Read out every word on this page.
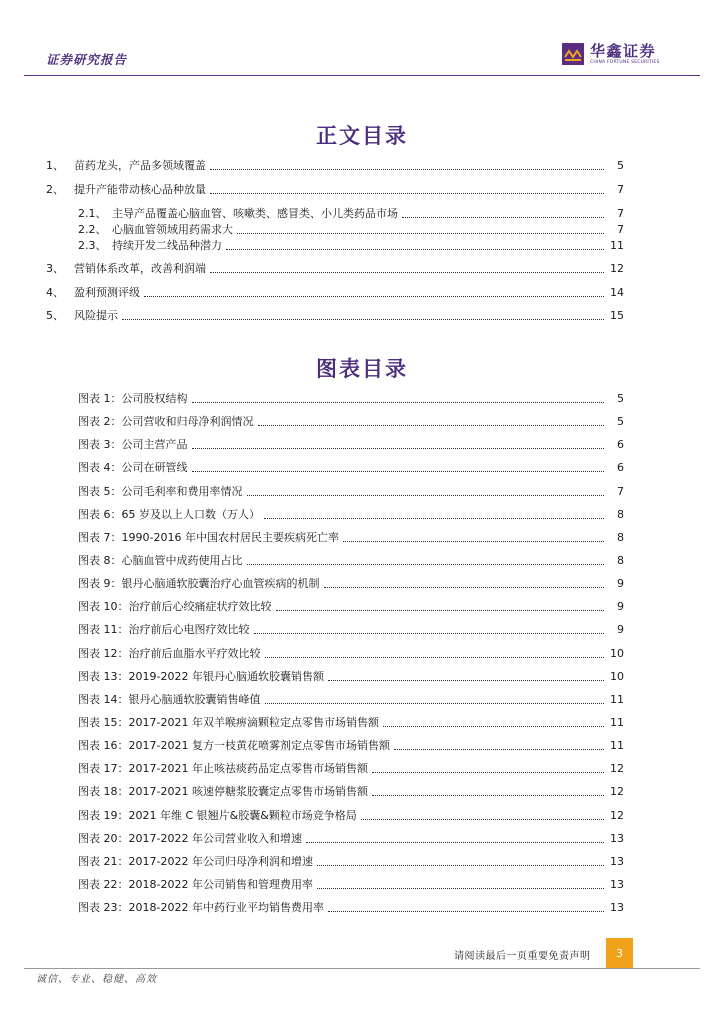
证券研究报告	华鑫证券
CHINA FORTUNE SECURITIES
正文目录
1、 苗药龙头，产品多领域覆盖	5
2、 提升产能带动核心品种放量	7
2.1、 主导产品覆盖心脑血管、咳嗽类、感冒类、小儿类药品市场	7
2.2、 心脑血管领域用药需求大	7
2.3、 持续开发二线品种潜力	11
3、 营销体系改革，改善利润端	12
4、 盈利预测评级	14
5、 风险提示	15
图表目录
图表 1：公司股权结构	5
图表 2：公司营收和归母净利润情况	5
图表 3：公司主营产品	6
图表 4：公司在研管线	6
图表 5：公司毛利率和费用率情况	7
图表 6：65 岁及以上人口数（万人）	8
图表 7：1990-2016 年中国农村居民主要疾病死亡率	8
图表 8：心脑血管中成药使用占比	8
图表 9：银丹心脑通软胶囊治疗心血管疾病的机制	9
图表 10：治疗前后心绞痛症状疗效比较	9
图表 11：治疗前后心电图疗效比较	9
图表 12：治疗前后血脂水平疗效比较	10
图表 13：2019-2022 年银丹心脑通软胶囊销售额	10
图表 14：银丹心脑通软胶囊销售峰值	11
图表 15：2017-2021 年双羊喉痹滴颗粒定点零售市场销售额	11
图表 16：2017-2021 复方一枝黄花喷雾剂定点零售市场销售额	11
图表 17：2017-2021 年止咳祛痰药品定点零售市场销售额	12
图表 18：2017-2021 咳速停糖浆胶囊定点零售市场销售额	12
图表 19：2021 年维 C 银翘片&胶囊&颗粒市场竞争格局	12
图表 20：2017-2022 年公司营业收入和增速	13
图表 21：2017-2022 年公司归母净利润和增速	13
图表 22：2018-2022 年公司销售和管理费用率	13
图表 23：2018-2022 年中药行业平均销售费用率	13
请阅读最后一页重要免责声明	3
诚信、专业、稳健、高效
